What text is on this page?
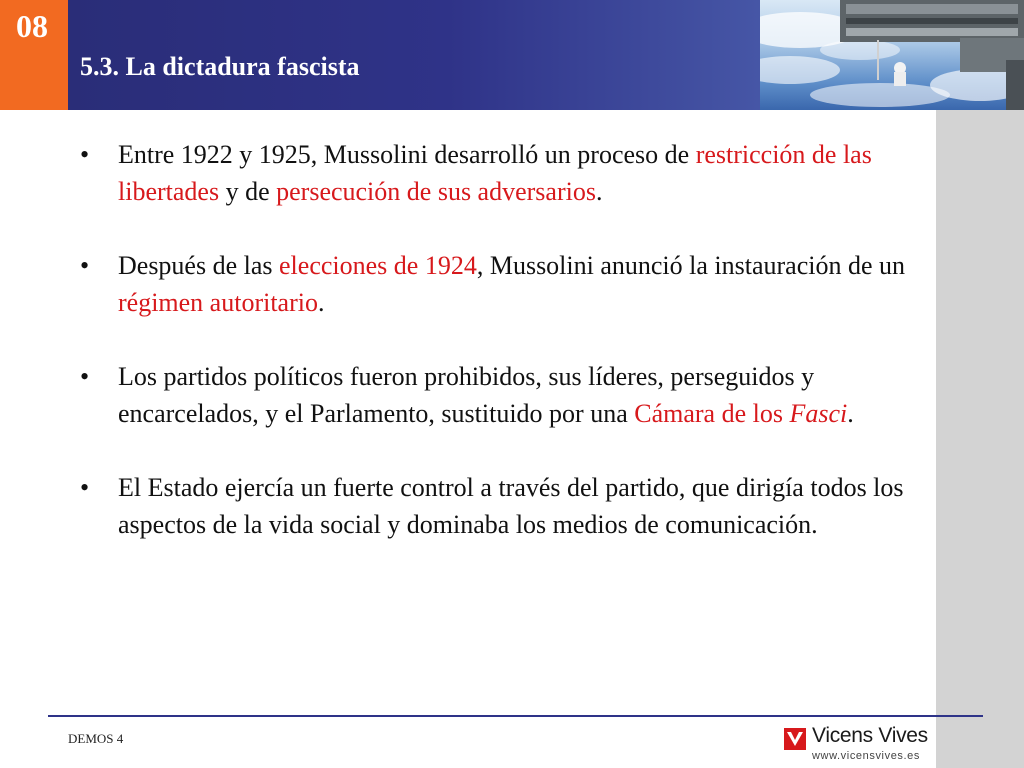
08
5.3. La dictadura fascista
• Entre 1922 y 1925, Mussolini desarrolló un proceso de restricción de las libertades y de persecución de sus adversarios.
• Después de las elecciones de 1924, Mussolini anunció la instauración de un régimen autoritario.
• Los partidos políticos fueron prohibidos, sus líderes, perseguidos y encarcelados, y el Parlamento, sustituido por una Cámara de los Fasci.
• El Estado ejercía un fuerte control a través del partido, que dirigía todos los aspectos de la vida social y dominaba los medios de comunicación.
DEMOS 4	Vicens Vives
www.vicensvives.es
